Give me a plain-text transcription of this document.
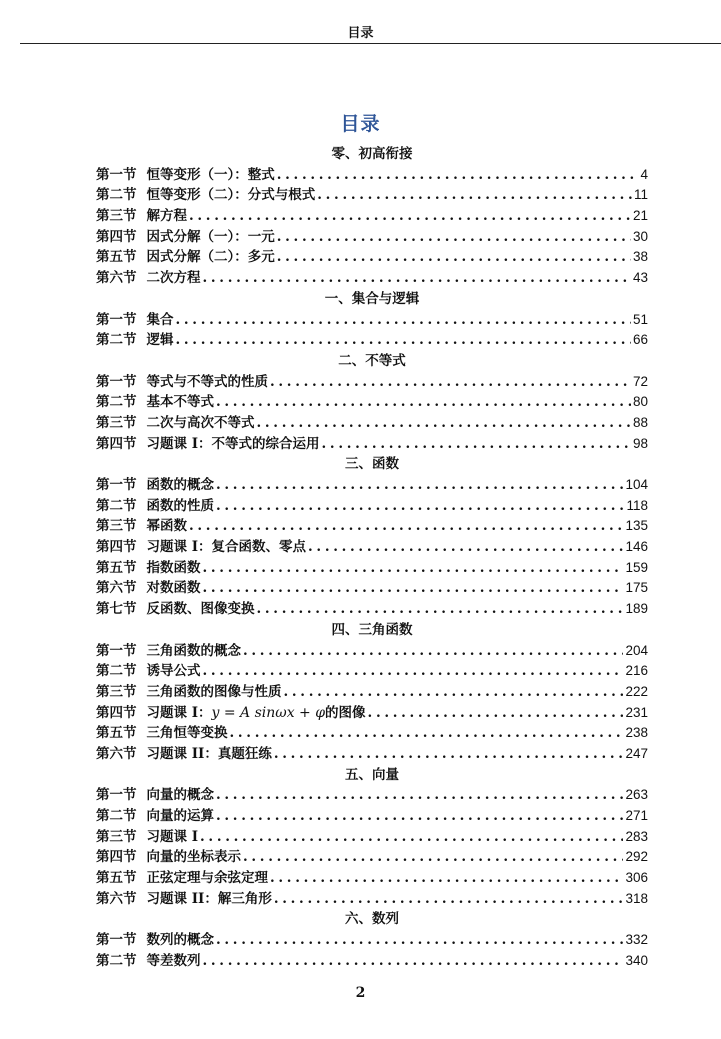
目录
目录
零、初高衔接
第一节 恒等变形（一）：整式 . . .	4
第二节 恒等变形（二）：分式与根式 . . .	11
第三节 解方程 . . .	21
第四节 因式分解（一）：一元 . . .	30
第五节 因式分解（二）：多元 . . .	38
第六节 二次方程 . . .	43
一、集合与逻辑
第一节 集合 . . .	51
第二节 逻辑 . . .	66
二、不等式
第一节 等式与不等式的性质 . . .	72
第二节 基本不等式 . . .	80
第三节 二次与高次不等式 . . .	88
第四节 习题课 I：不等式的综合运用 . . .	98
三、函数
第一节 函数的概念 . . .	104
第二节 函数的性质 . . .	118
第三节 幂函数 . . .	135
第四节 习题课 I：复合函数、零点 . . .	146
第五节 指数函数 . . .	159
第六节 对数函数 . . .	175
第七节 反函数、图像变换 . . .	189
四、三角函数
第一节 三角函数的概念 . . .	204
第二节 诱导公式 . . .	216
第三节 三角函数的图像与性质 . . .	222
第四节 习题课 I：y = A sinωx + φ的图像 . . .	231
第五节 三角恒等变换 . . .	238
第六节 习题课 II：真题狂练 . . .	247
五、向量
第一节 向量的概念 . . .	263
第二节 向量的运算 . . .	271
第三节 习题课 I . . .	283
第四节 向量的坐标表示 . . .	292
第五节 正弦定理与余弦定理 . . .	306
第六节 习题课 II：解三角形 . . .	318
六、数列
第一节 数列的概念 . . .	332
第二节 等差数列 . . .	340
2
